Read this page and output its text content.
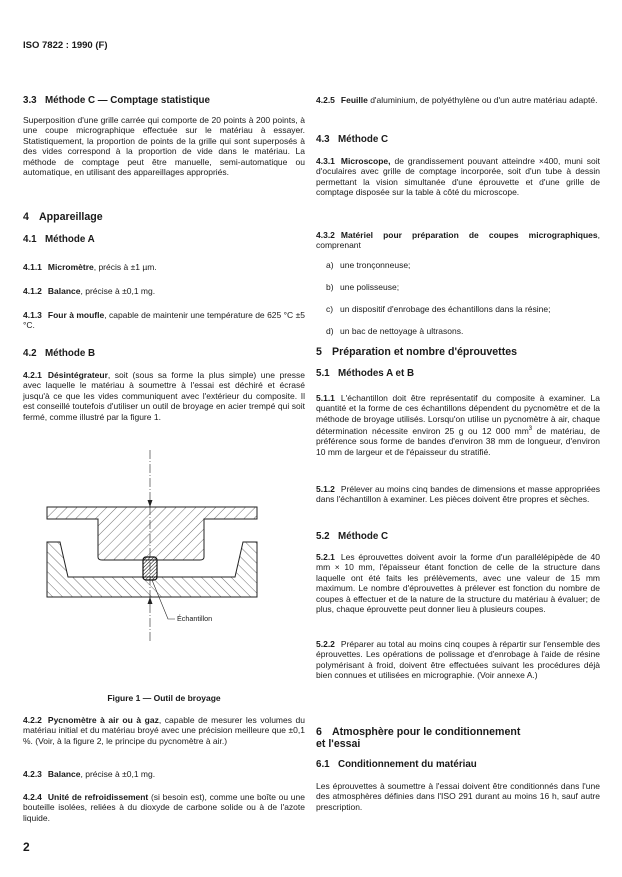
ISO 7822 : 1990 (F)
3.3 Méthode C — Comptage statistique
Superposition d'une grille carrée qui comporte de 20 points à 200 points, à une coupe micrographique effectuée sur le matériau à essayer. Statistiquement, la proportion de points de la grille qui sont superposés à des vides correspond à la proportion de vide dans le matériau. La méthode de comptage peut être manuelle, semi-automatique ou automatique, en utilisant des appareillages appropriés.
4 Appareillage
4.1 Méthode A
4.1.1 Micromètre, précis à ±1 µm.
4.1.2 Balance, précise à ±0,1 mg.
4.1.3 Four à moufle, capable de maintenir une température de 625 °C ±5 °C.
4.2 Méthode B
4.2.1 Désintégrateur, soit (sous sa forme la plus simple) une presse avec laquelle le matériau à soumettre à l'essai est déchiré et écrasé jusqu'à ce que les vides communiquent avec l'extérieur du composite. Il est conseillé toutefois d'utiliser un outil de broyage en acier trempé qui soit fermé, comme illustré par la figure 1.
Échantillon
Figure 1 — Outil de broyage
4.2.2 Pycnomètre à air ou à gaz, capable de mesurer les volumes du matériau initial et du matériau broyé avec une précision meilleure que ±0,1 %. (Voir, à la figure 2, le principe du pycnomètre à air.)
4.2.3 Balance, précise à ±0,1 mg.
4.2.4 Unité de refroidissement (si besoin est), comme une boîte ou une bouteille isolées, reliées à du dioxyde de carbone solide ou à de l'azote liquide.
2
4.2.5 Feuille d'aluminium, de polyéthylène ou d'un autre matériau adapté.
4.3 Méthode C
4.3.1 Microscope, de grandissement pouvant atteindre ×400, muni soit d'oculaires avec grille de comptage incorporée, soit d'un tube à dessin permettant la vision simultanée d'une éprouvette et d'une grille de comptage disposée sur la table à côté du microscope.
4.3.2 Matériel pour préparation de coupes micrographiques, comprenant
a) une tronçonneuse;
b) une polisseuse;
c) un dispositif d'enrobage des échantillons dans la résine;
d) un bac de nettoyage à ultrasons.
5 Préparation et nombre d'éprouvettes
5.1 Méthodes A et B
5.1.1 L'échantillon doit être représentatif du composite à examiner. La quantité et la forme de ces échantillons dépendent du pycnomètre et de la méthode de broyage utilisés. Lorsqu'on utilise un pycnomètre à air, chaque détermination nécessite environ 25 g ou 12 000 $mm^3$ de matériau, de préférence sous forme de bandes d'environ 38 mm de longueur, d'environ 10 mm de largeur et de l'épaisseur du stratifié.
5.1.2 Prélever au moins cinq bandes de dimensions et masse appropriées dans l'échantillon à examiner. Les pièces doivent être propres et sèches.
5.2 Méthode C
5.2.1 Les éprouvettes doivent avoir la forme d'un parallélépipède de 40 mm × 10 mm, l'épaisseur étant fonction de celle de la structure dans laquelle ont été faits les prélèvements, avec une valeur de 15 mm maximum. Le nombre d'éprouvettes à prélever est fonction du nombre de coupes à effectuer et de la nature de la structure du matériau à évaluer; de plus, chaque éprouvette peut donner lieu à plusieurs coupes.
5.2.2 Préparer au total au moins cinq coupes à répartir sur l'ensemble des éprouvettes. Les opérations de polissage et d'enrobage à l'aide de résine polymérisant à froid, doivent être effectuées suivant les procédures déjà bien connues et utilisées en micrographie. (Voir annexe A.)
6 Atmosphère pour le conditionnement
et l'essai
6.1 Conditionnement du matériau
Les éprouvettes à soumettre à l'essai doivent être conditionnés dans l'une des atmosphères définies dans l'ISO 291 durant au moins 16 h, sauf autre prescription.
